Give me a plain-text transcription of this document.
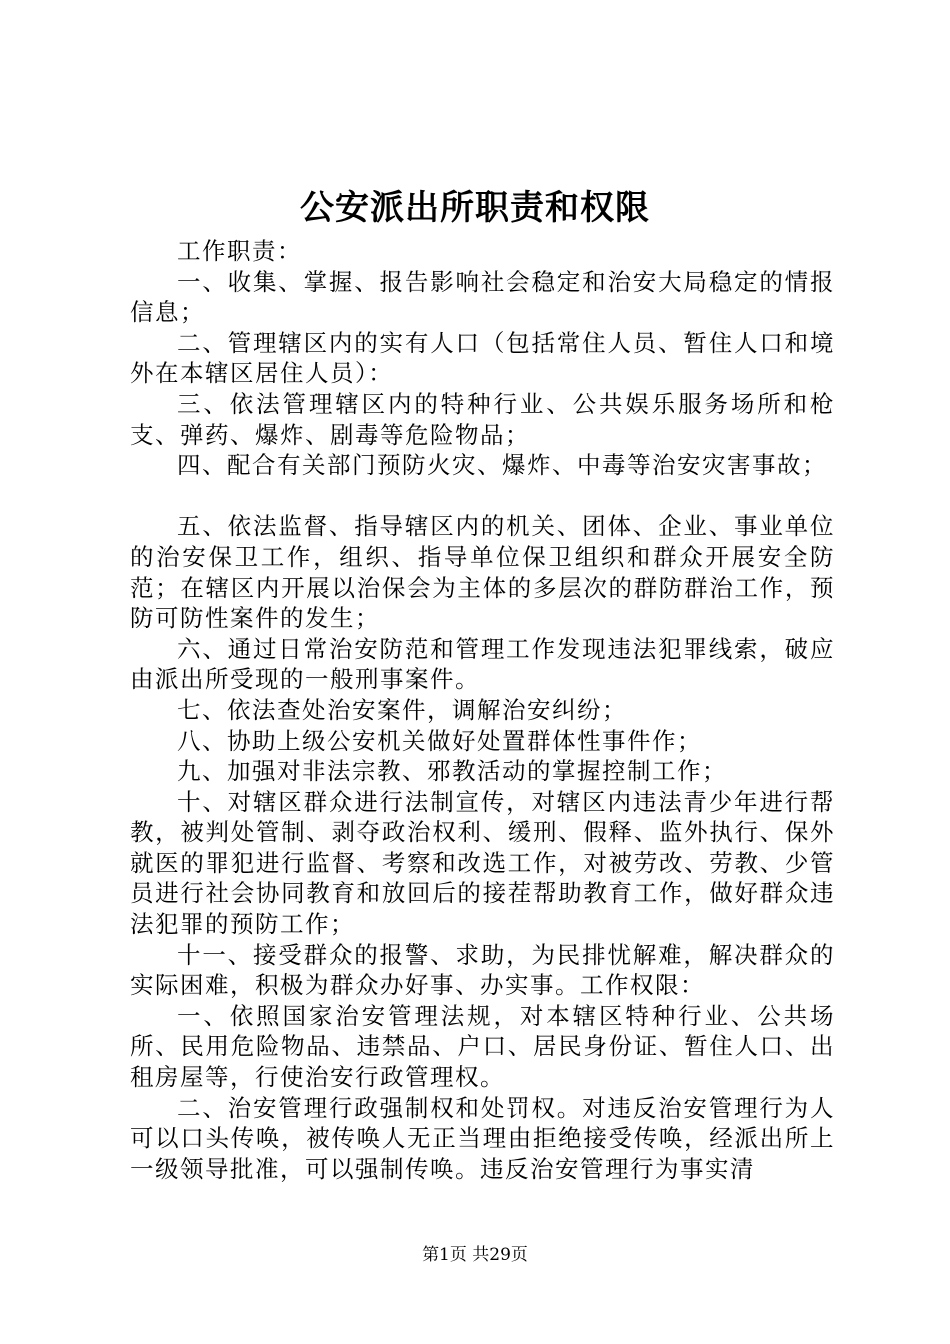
公安派出所职责和权限

工作职责：

一、收集、掌握、报告影响社会稳定和治安大局稳定的情报信息；

二、管理辖区内的实有人口（包括常住人员、暂住人口和境外在本辖区居住人员）：

三、依法管理辖区内的特种行业、公共娱乐服务场所和枪支、弹药、爆炸、剧毒等危险物品；

四、配合有关部门预防火灾、爆炸、中毒等治安灾害事故；

五、依法监督、指导辖区内的机关、团体、企业、事业单位的治安保卫工作，组织、指导单位保卫组织和群众开展安全防范；在辖区内开展以治保会为主体的多层次的群防群治工作，预防可防性案件的发生；

六、通过日常治安防范和管理工作发现违法犯罪线索，破应由派出所受现的一般刑事案件。

七、依法查处治安案件，调解治安纠纷；

八、协助上级公安机关做好处置群体性事件作；

九、加强对非法宗教、邪教活动的掌握控制工作；

十、对辖区群众进行法制宣传，对辖区内违法青少年进行帮教，被判处管制、剥夺政治权利、缓刑、假释、监外执行、保外就医的罪犯进行监督、考察和改选工作，对被劳改、劳教、少管员进行社会协同教育和放回后的接茬帮助教育工作，做好群众违法犯罪的预防工作；

十一、接受群众的报警、求助，为民排忧解难，解决群众的实际困难，积极为群众办好事、办实事。工作权限：

一、依照国家治安管理法规，对本辖区特种行业、公共场所、民用危险物品、违禁品、户口、居民身份证、暂住人口、出租房屋等，行使治安行政管理权。

二、治安管理行政强制权和处罚权。对违反治安管理行为人可以口头传唤，被传唤人无正当理由拒绝接受传唤，经派出所上一级领导批准，可以强制传唤。违反治安管理行为事实清

第1页 共29页
